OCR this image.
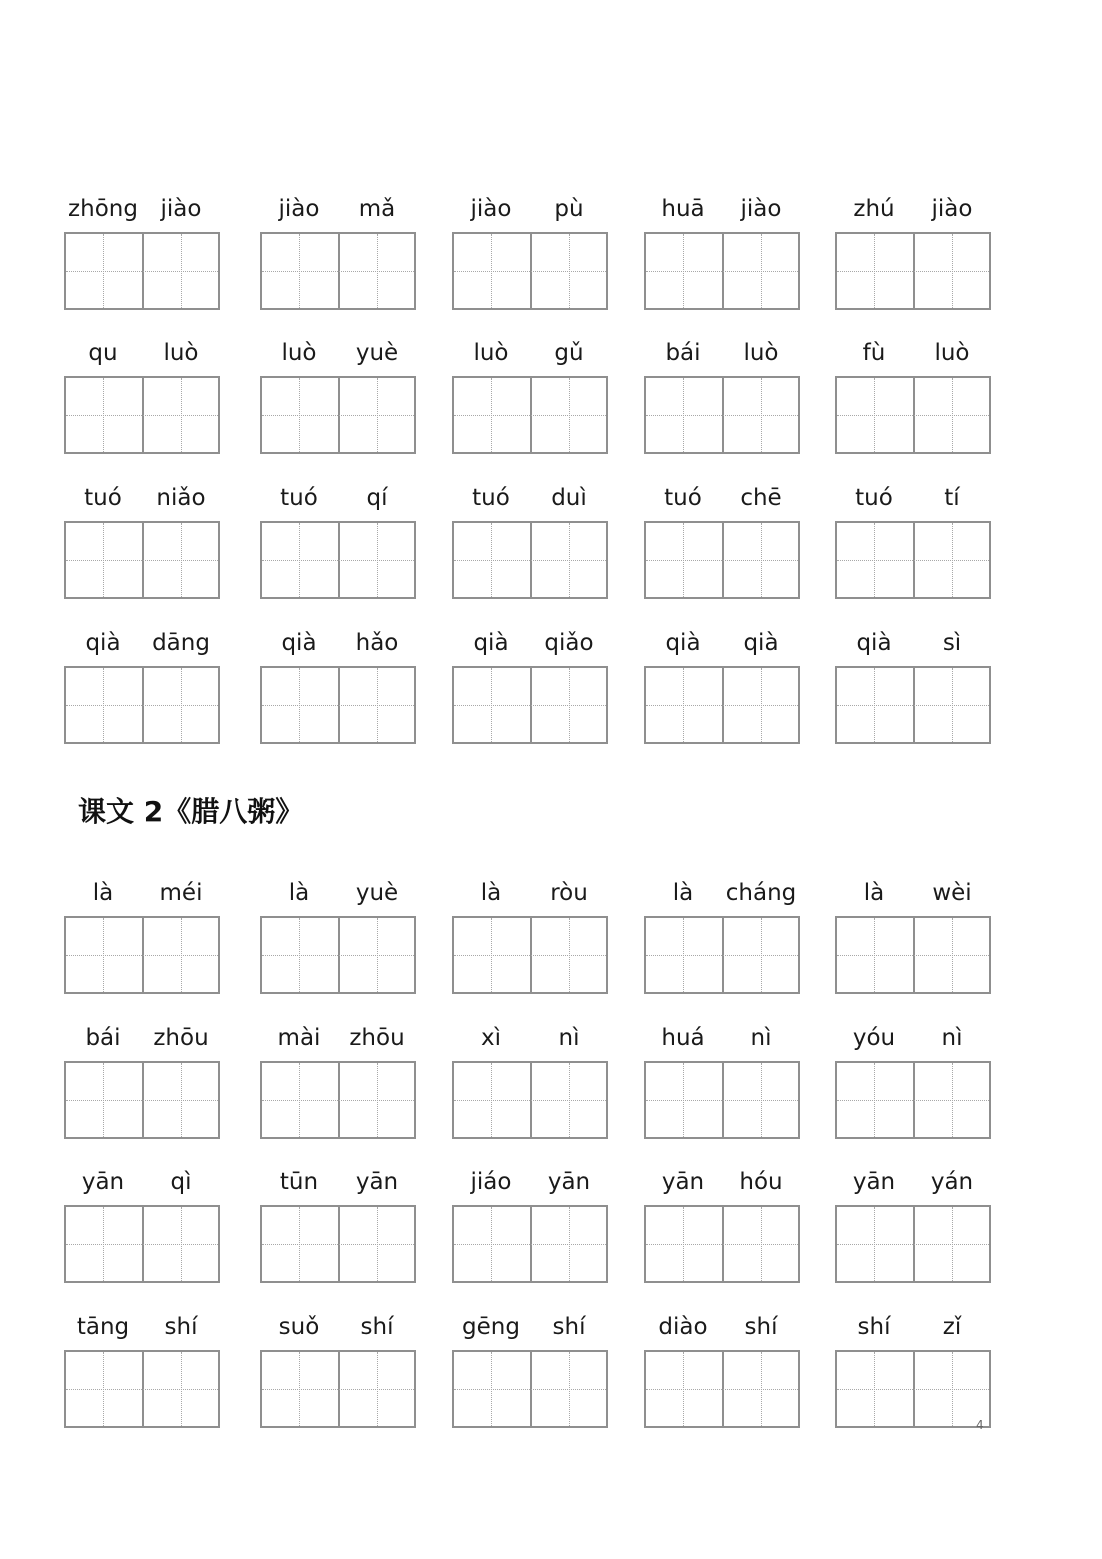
zhōng jiào	jiào	mǎ	jiào	pù	huā	jiào	zhú	jiào
qu	luò	luò	yuè	luò	gǔ	bái	luò	fù	luò
tuó	niǎo	tuó	qí	tuó	duì	tuó	chē	tuó	tí
qià	dāng	qià	hǎo	qià	qiǎo	qià	qià	qià	sì
课文 2《腊八粥》
là	méi	là	yuè	là	ròu	là	cháng	là	wèi
bái	zhōu	mài	zhōu	xì	nì	huá	nì	yóu	nì
yān	qì	tūn	yān	jiáo	yān	yān	hóu	yān	yán
tāng	shí	suǒ	shí	gēng	shí	diào	shí	shí	zǐ
4
